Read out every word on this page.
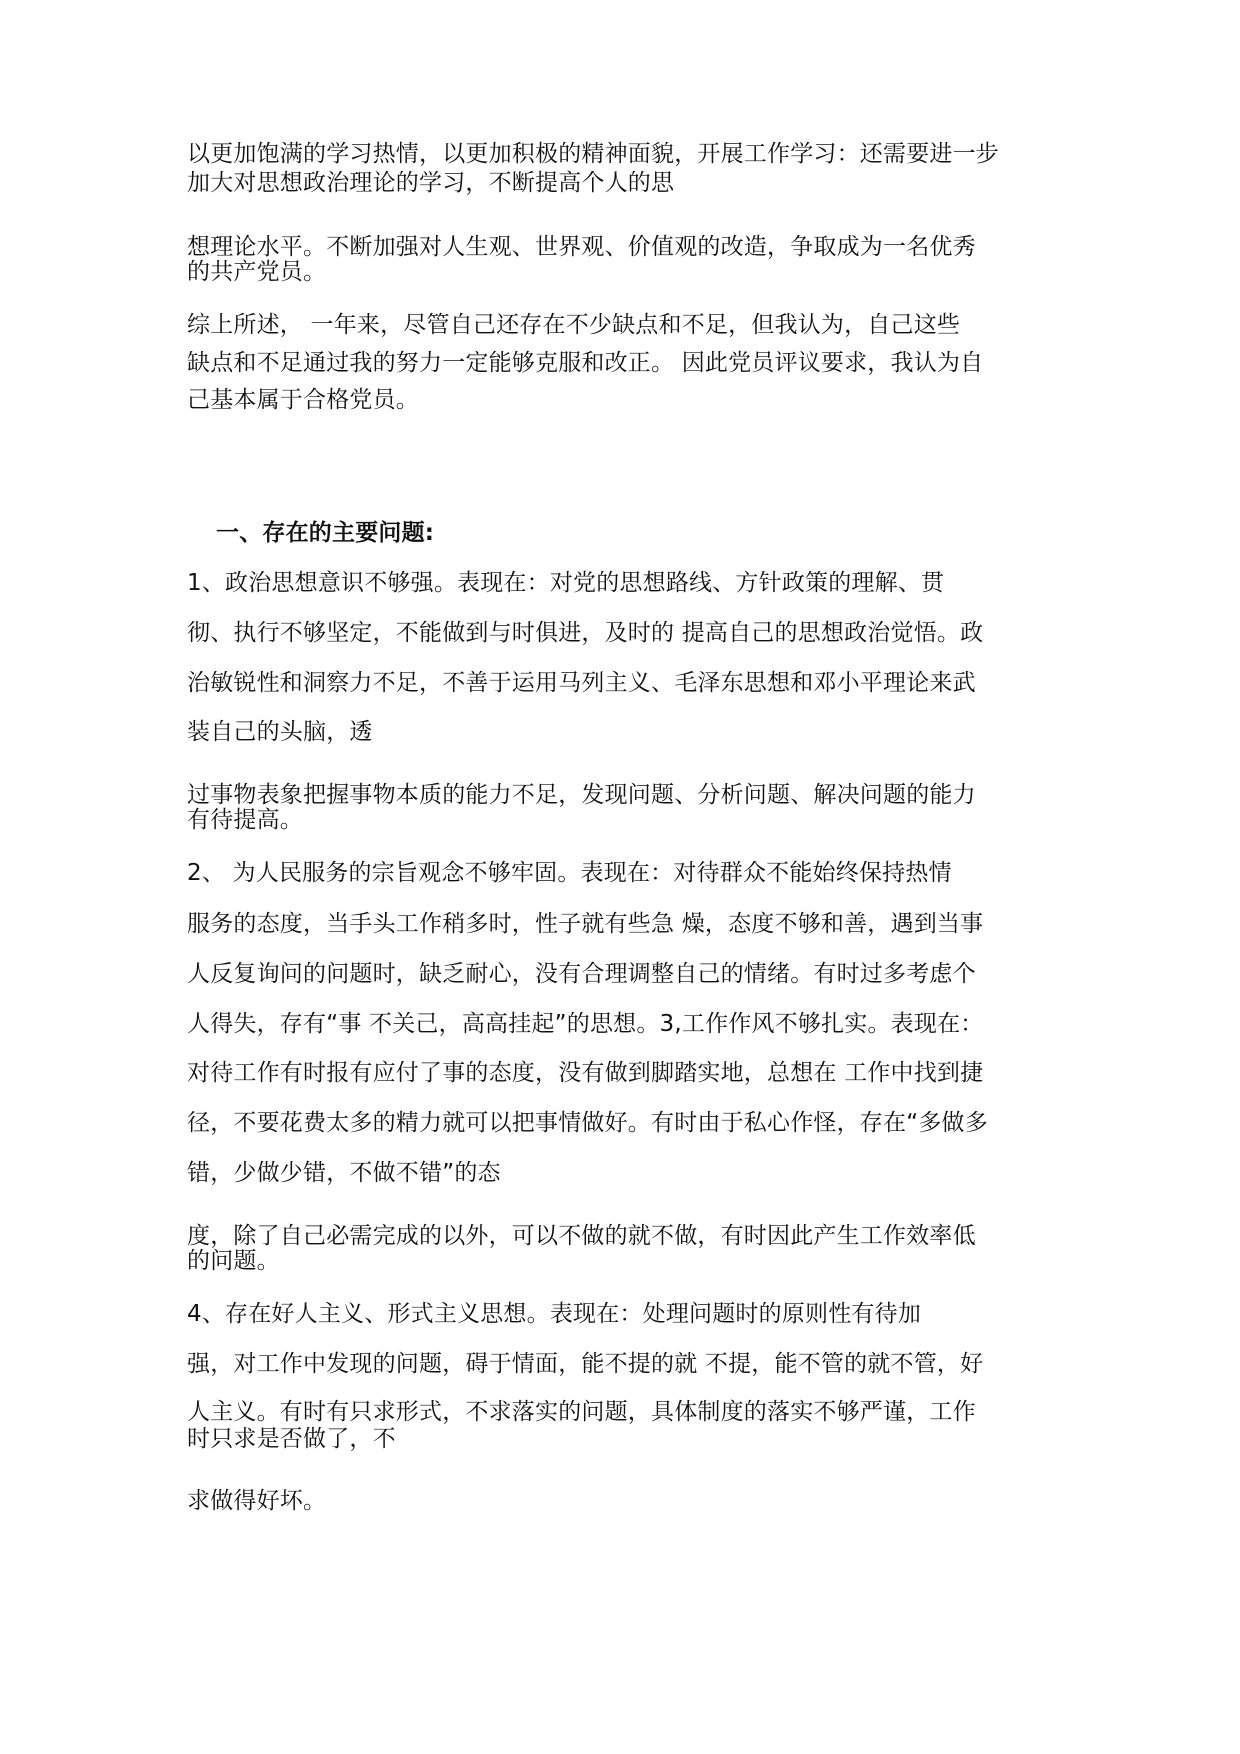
以更加饱满的学习热情，以更加积极的精神面貌，开展工作学习：还需要进一步
加大对思想政治理论的学习，不断提高个人的思
想理论水平。不断加强对人生观、世界观、价值观的改造，争取成为一名优秀
的共产党员。
综上所述， 一年来，尽管自己还存在不少缺点和不足，但我认为，自己这些
缺点和不足通过我的努力一定能够克服和改正。 因此党员评议要求，我认为自
己基本属于合格党员。
一、存在的主要问题:
1、政治思想意识不够强。表现在：对党的思想路线、方针政策的理解、贯
彻、执行不够坚定，不能做到与时俱进，及时的 提高自己的思想政治觉悟。政
治敏锐性和洞察力不足，不善于运用马列主义、毛泽东思想和邓小平理论来武
装自己的头脑，透
过事物表象把握事物本质的能力不足，发现问题、分析问题、解决问题的能力
有待提高。
2、 为人民服务的宗旨观念不够牢固。表现在：对待群众不能始终保持热情
服务的态度，当手头工作稍多时，性子就有些急 燥，态度不够和善，遇到当事
人反复询问的问题时，缺乏耐心，没有合理调整自己的情绪。有时过多考虑个
人得失，存有“事 不关己，高高挂起”的思想。3,工作作风不够扎实。表现在：
对待工作有时报有应付了事的态度，没有做到脚踏实地，总想在 工作中找到捷
径，不要花费太多的精力就可以把事情做好。有时由于私心作怪，存在“多做多
错，少做少错，不做不错”的态
度，除了自己必需完成的以外，可以不做的就不做，有时因此产生工作效率低
的问题。
4、存在好人主义、形式主义思想。表现在：处理问题时的原则性有待加
强，对工作中发现的问题，碍于情面，能不提的就 不提，能不管的就不管，好
人主义。有时有只求形式，不求落实的问题，具体制度的落实不够严谨，工作
时只求是否做了，不
求做得好坏。
